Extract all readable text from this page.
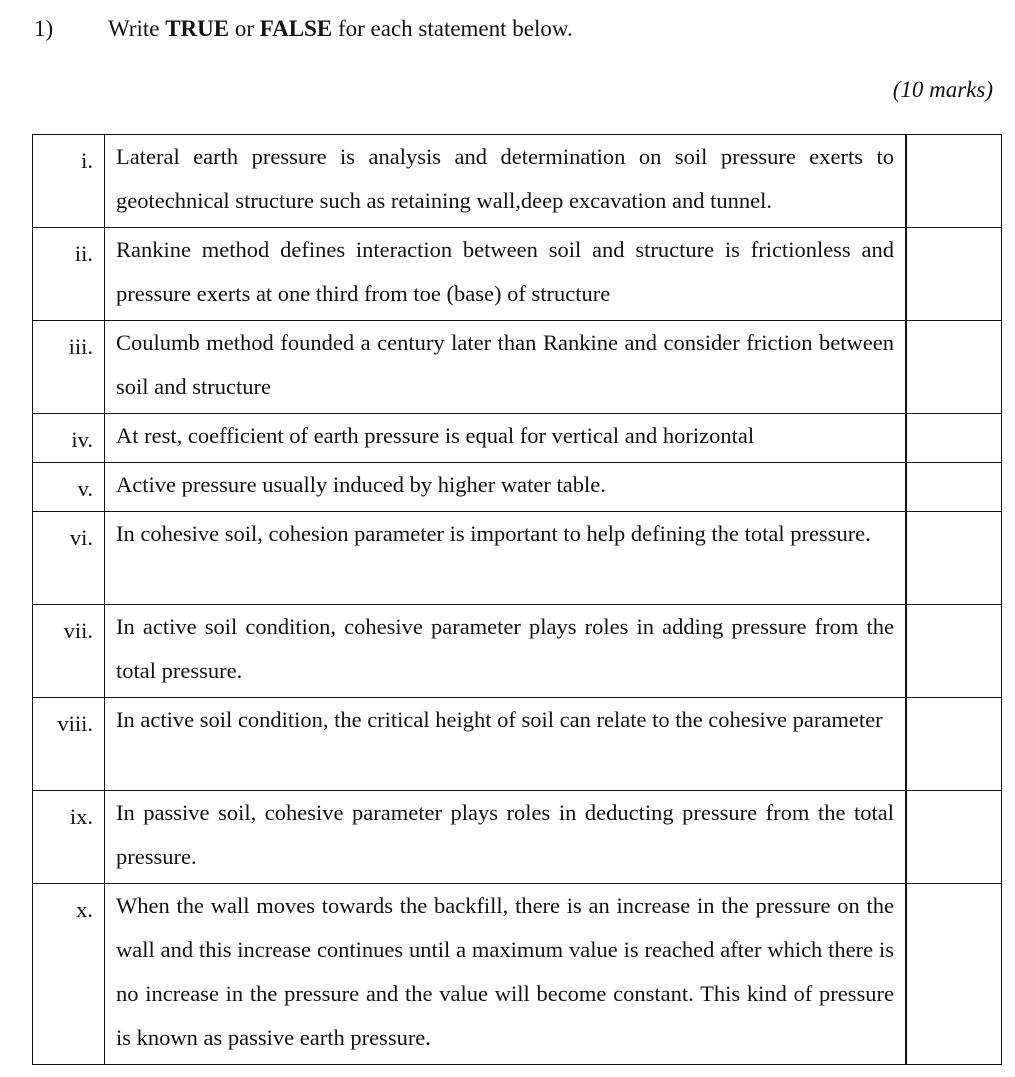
1) Write TRUE or FALSE for each statement below.
(10 marks)
i.	Lateral earth pressure is analysis and determination on soil pressure exerts to geotechnical structure such as retaining wall,deep excavation and tunnel.	
ii.	Rankine method defines interaction between soil and structure is frictionless and pressure exerts at one third from toe (base) of structure	
iii.	Coulumb method founded a century later than Rankine and consider friction between soil and structure	
iv.	At rest, coefficient of earth pressure is equal for vertical and horizontal	
v.	Active pressure usually induced by higher water table.	
vi.	In cohesive soil, cohesion parameter is important to help defining the total pressure.	
vii.	In active soil condition, cohesive parameter plays roles in adding pressure from the total pressure.	
viii.	In active soil condition, the critical height of soil can relate to the cohesive parameter	
ix.	In passive soil, cohesive parameter plays roles in deducting pressure from the total pressure.	
x.	When the wall moves towards the backfill, there is an increase in the pressure on the wall and this increase continues until a maximum value is reached after which there is no increase in the pressure and the value will become constant. This kind of pressure is known as passive earth pressure.	
